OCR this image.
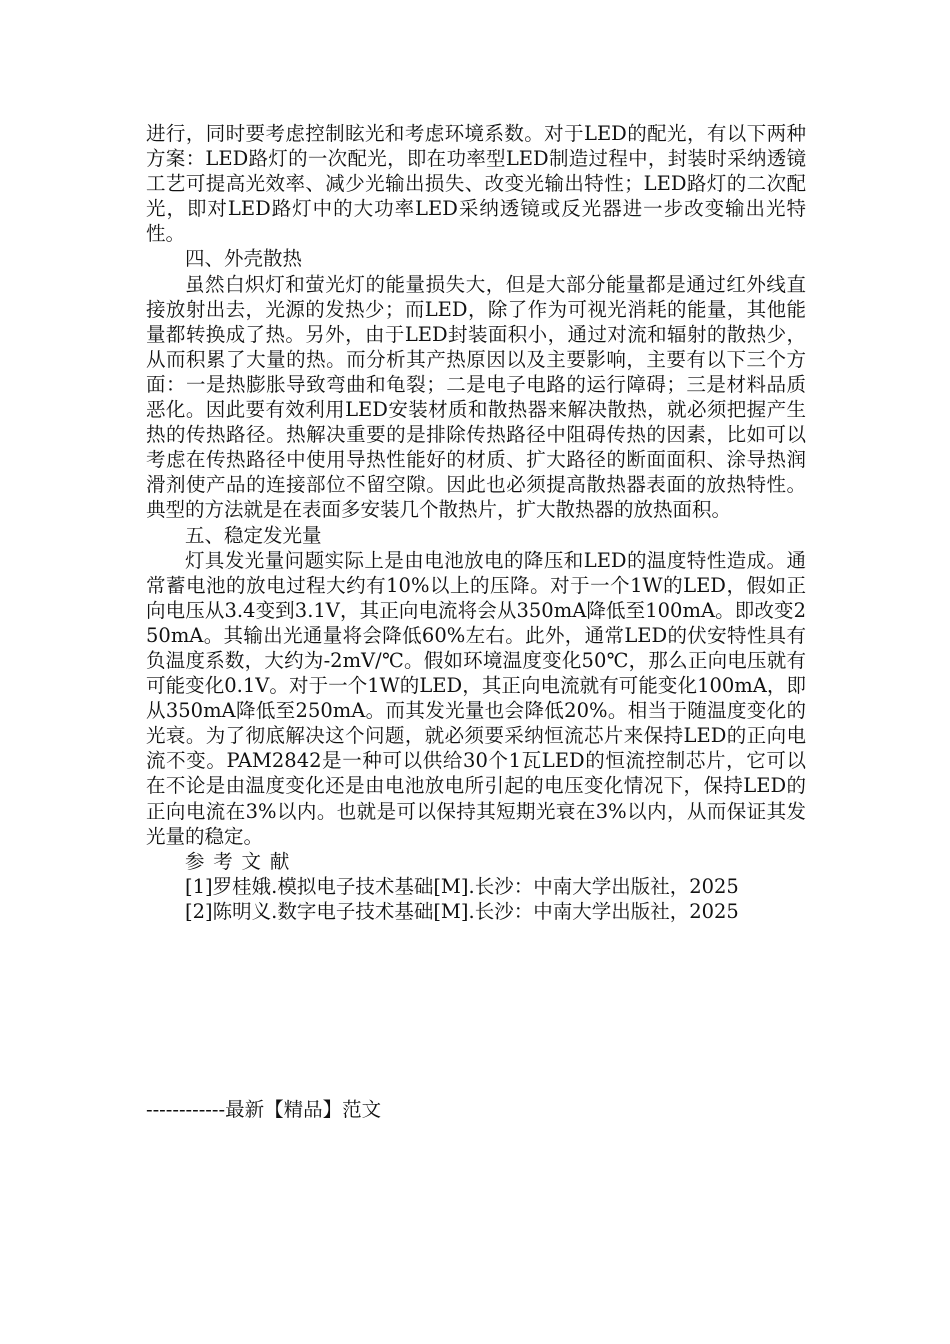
进行，同时要考虑控制眩光和考虑环境系数。对于LED的配光，有以下两种方案：LED路灯的一次配光，即在功率型LED制造过程中，封装时采纳透镜工艺可提高光效率、减少光输出损失、改变光输出特性；LED路灯的二次配光，即对LED路灯中的大功率LED采纳透镜或反光器进一步改变输出光特性。

四、外壳散热

虽然白炽灯和萤光灯的能量损失大，但是大部分能量都是通过红外线直接放射出去，光源的发热少；而LED，除了作为可视光消耗的能量，其他能量都转换成了热。另外，由于LED封装面积小，通过对流和辐射的散热少，从而积累了大量的热。而分析其产热原因以及主要影响，主要有以下三个方面：一是热膨胀导致弯曲和龟裂；二是电子电路的运行障碍；三是材料品质恶化。因此要有效利用LED安装材质和散热器来解决散热，就必须把握产生热的传热路径。热解决重要的是排除传热路径中阻碍传热的因素，比如可以考虑在传热路径中使用导热性能好的材质、扩大路径的断面面积、涂导热润滑剂使产品的连接部位不留空隙。因此也必须提高散热器表面的放热特性。典型的方法就是在表面多安装几个散热片，扩大散热器的放热面积。

五、稳定发光量

灯具发光量问题实际上是由电池放电的降压和LED的温度特性造成。通常蓄电池的放电过程大约有10%以上的压降。对于一个1W的LED，假如正向电压从3.4变到3.1V，其正向电流将会从350mA降低至100mA。即改变250mA。其输出光通量将会降低60%左右。此外，通常LED的伏安特性具有负温度系数，大约为-2mV/℃。假如环境温度变化50℃，那么正向电压就有可能变化0.1V。对于一个1W的LED，其正向电流就有可能变化100mA，即从350mA降低至250mA。而其发光量也会降低20%。相当于随温度变化的光衰。为了彻底解决这个问题，就必须要采纳恒流芯片来保持LED的正向电流不变。PAM2842是一种可以供给30个1瓦LED的恒流控制芯片，它可以在不论是由温度变化还是由电池放电所引起的电压变化情况下，保持LED的正向电流在3%以内。也就是可以保持其短期光衰在3%以内，从而保证其发光量的稳定。

参考文献

[1]罗桂娥.模拟电子技术基础[M].长沙：中南大学出版社，2025

[2]陈明义.数字电子技术基础[M].长沙：中南大学出版社，2025

------------最新【精品】范文
